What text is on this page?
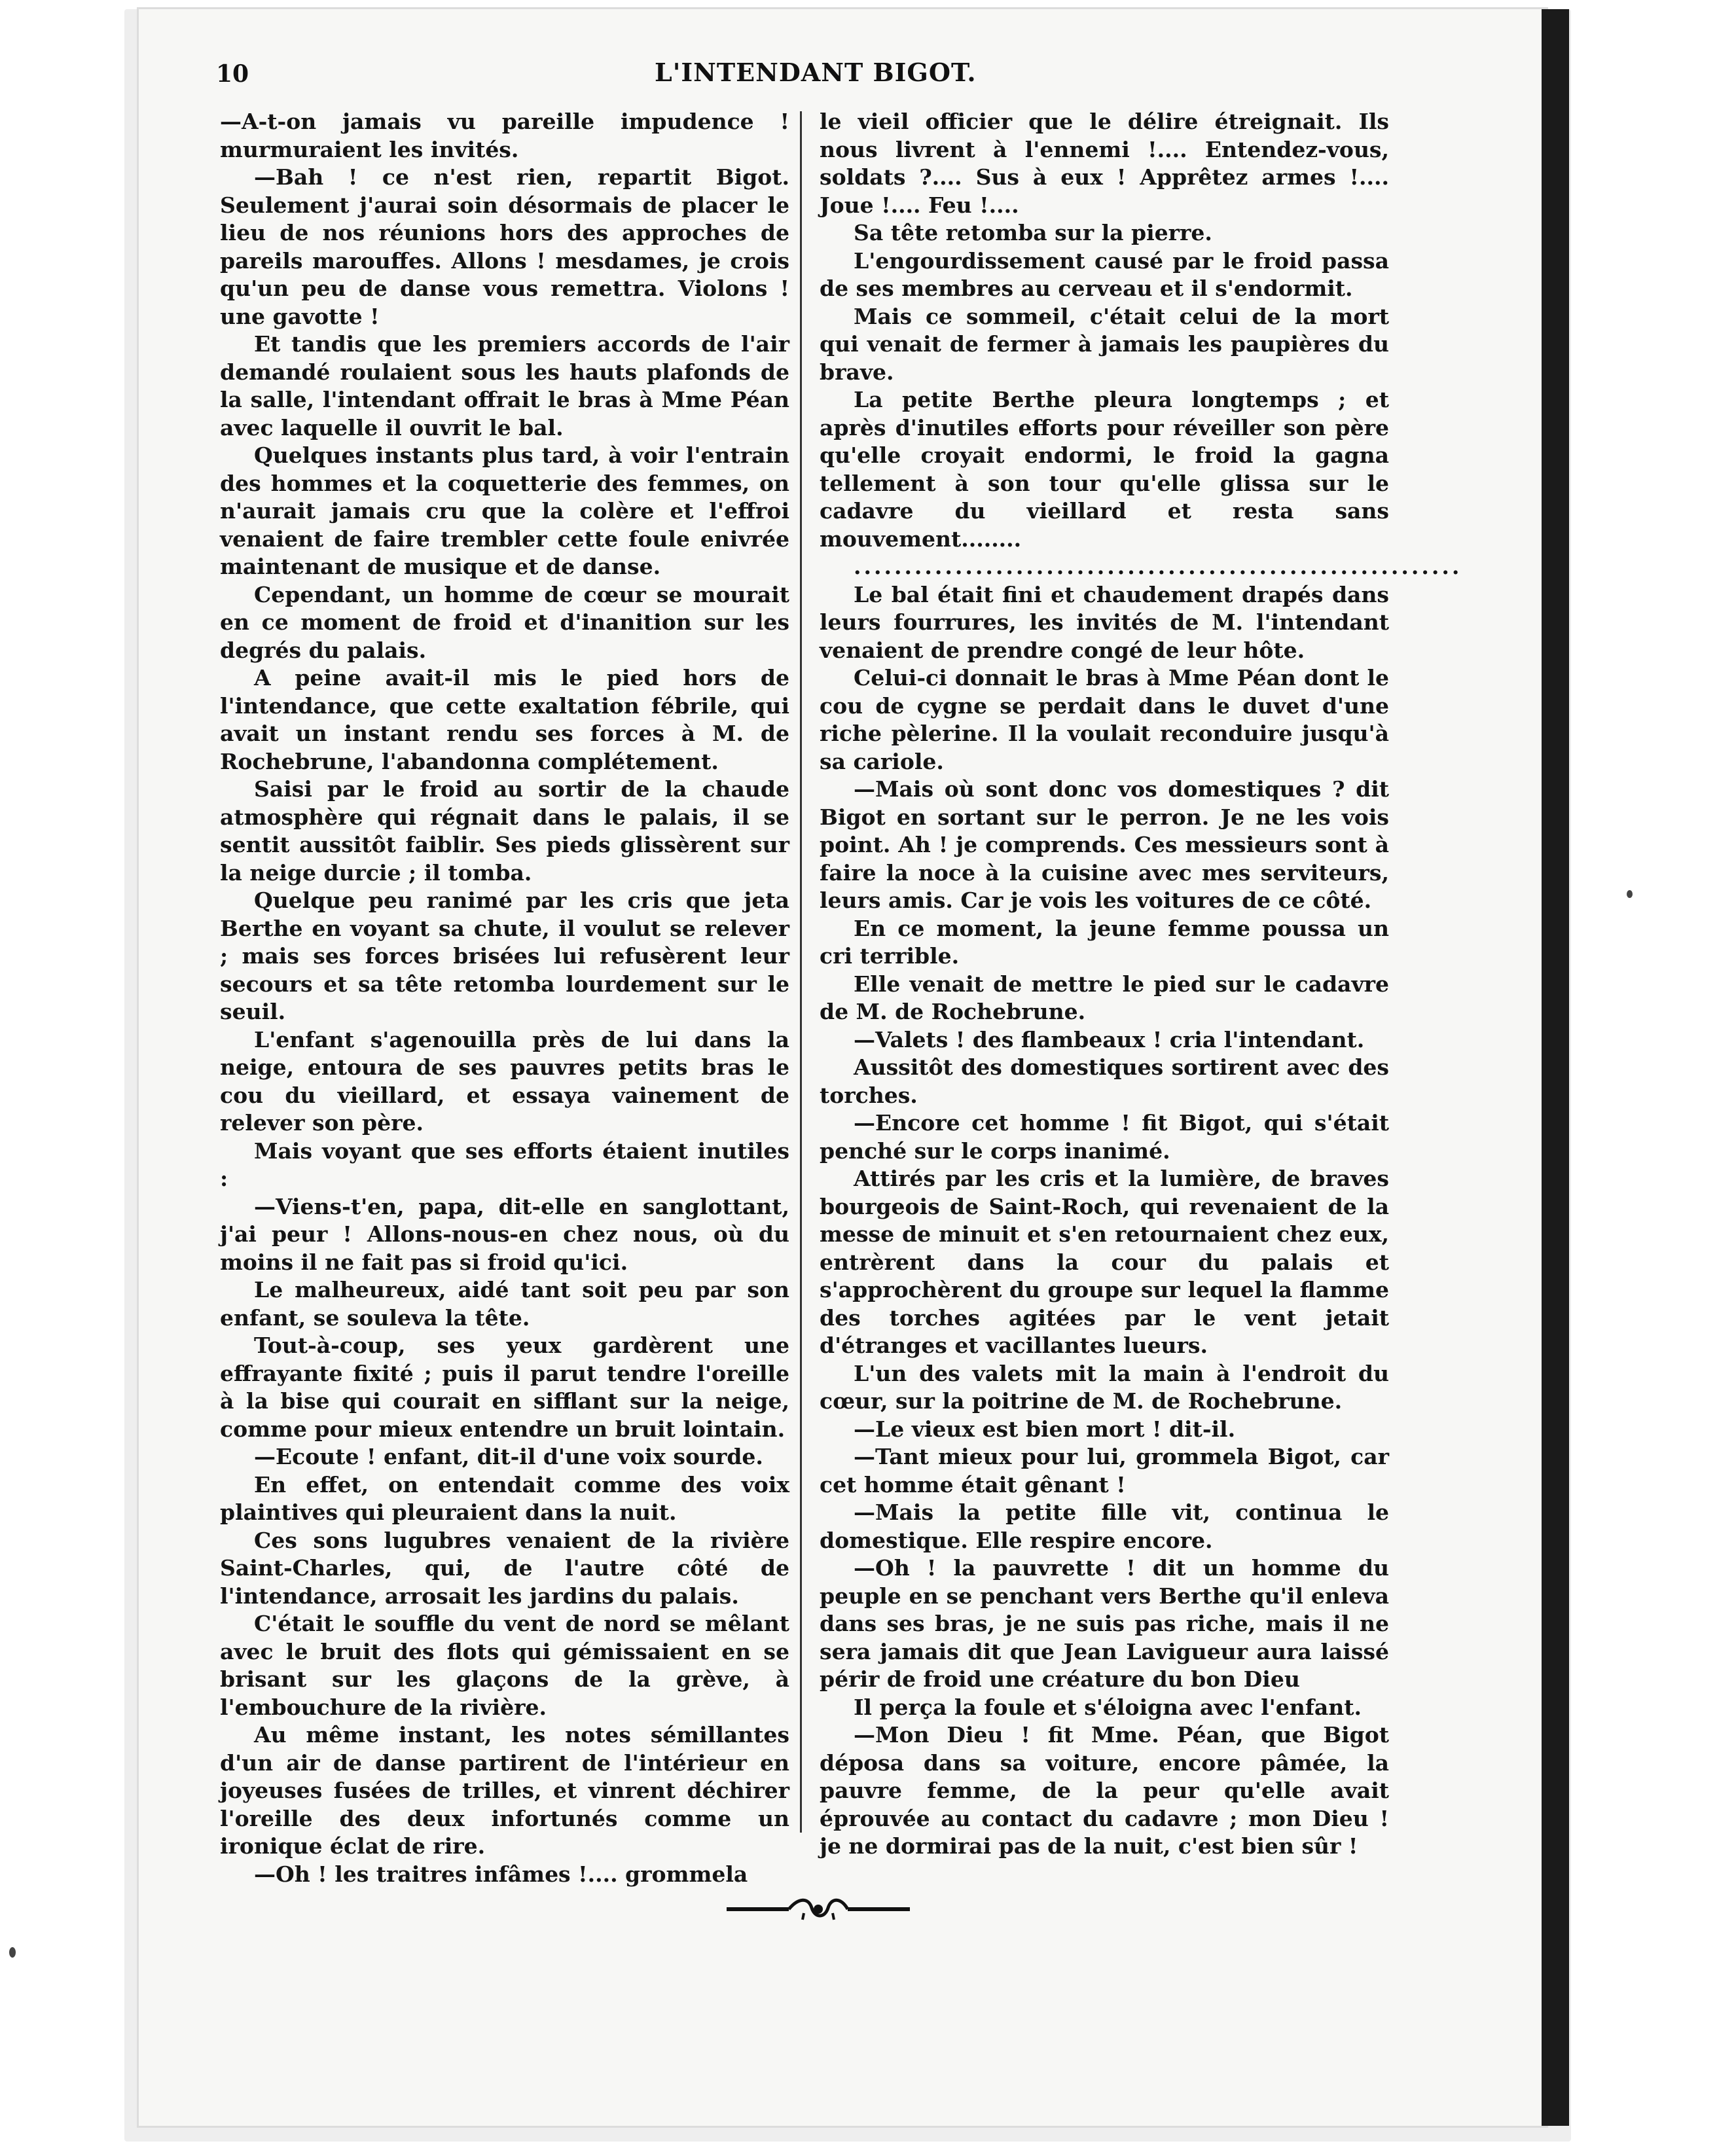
10	L'INTENDANT BIGOT.

—A-t-on jamais vu pareille impudence ! murmuraient les invités.

—Bah ! ce n'est rien, repartit Bigot. Seulement j'aurai soin désormais de placer le lieu de nos réunions hors des approches de pareils marouffes. Allons ! mesdames, je crois qu'un peu de danse vous remettra. Violons ! une gavotte !

Et tandis que les premiers accords de l'air demandé roulaient sous les hauts plafonds de la salle, l'intendant offrait le bras à Mme Péan avec laquelle il ouvrit le bal.

Quelques instants plus tard, à voir l'entrain des hommes et la coquetterie des femmes, on n'aurait jamais cru que la colère et l'effroi venaient de faire trembler cette foule enivrée maintenant de musique et de danse.

Cependant, un homme de cœur se mourait en ce moment de froid et d'inanition sur les degrés du palais.

A peine avait-il mis le pied hors de l'intendance, que cette exaltation fébrile, qui avait un instant rendu ses forces à M. de Rochebrune, l'abandonna complétement.

Saisi par le froid au sortir de la chaude atmosphère qui régnait dans le palais, il se sentit aussitôt faiblir. Ses pieds glissèrent sur la neige durcie ; il tomba.

Quelque peu ranimé par les cris que jeta Berthe en voyant sa chute, il voulut se relever ; mais ses forces brisées lui refusèrent leur secours et sa tête retomba lourdement sur le seuil.

L'enfant s'agenouilla près de lui dans la neige, entoura de ses pauvres petits bras le cou du vieillard, et essaya vainement de relever son père.

Mais voyant que ses efforts étaient inutiles :

—Viens-t'en, papa, dit-elle en sanglottant, j'ai peur ! Allons-nous-en chez nous, où du moins il ne fait pas si froid qu'ici.

Le malheureux, aidé tant soit peu par son enfant, se souleva la tête.

Tout-à-coup, ses yeux gardèrent une effrayante fixité ; puis il parut tendre l'oreille à la bise qui courait en sifflant sur la neige, comme pour mieux entendre un bruit lointain.

—Ecoute ! enfant, dit-il d'une voix sourde.

En effet, on entendait comme des voix plaintives qui pleuraient dans la nuit.

Ces sons lugubres venaient de la rivière Saint-Charles, qui, de l'autre côté de l'intendance, arrosait les jardins du palais.

C'était le souffle du vent de nord se mêlant avec le bruit des flots qui gémissaient en se brisant sur les glaçons de la grève, à l'embouchure de la rivière.

Au même instant, les notes sémillantes d'un air de danse partirent de l'intérieur en joyeuses fusées de trilles, et vinrent déchirer l'oreille des deux infortunés comme un ironique éclat de rire.

—Oh ! les traitres infâmes !.... grommela

le vieil officier que le délire étreignait. Ils nous livrent à l'ennemi !.... Entendez-vous, soldats ?.... Sus à eux ! Apprêtez armes !.... Joue !.... Feu !....

Sa tête retomba sur la pierre.

L'engourdissement causé par le froid passa de ses membres au cerveau et il s'endormit.

Mais ce sommeil, c'était celui de la mort qui venait de fermer à jamais les paupières du brave.

La petite Berthe pleura longtemps ; et après d'inutiles efforts pour réveiller son père qu'elle croyait endormi, le froid la gagna tellement à son tour qu'elle glissa sur le cadavre du vieillard et resta sans mouvement........

............................................................

Le bal était fini et chaudement drapés dans leurs fourrures, les invités de M. l'intendant venaient de prendre congé de leur hôte.

Celui-ci donnait le bras à Mme Péan dont le cou de cygne se perdait dans le duvet d'une riche pèlerine. Il la voulait reconduire jusqu'à sa cariole.

—Mais où sont donc vos domestiques ? dit Bigot en sortant sur le perron. Je ne les vois point. Ah ! je comprends. Ces messieurs sont à faire la noce à la cuisine avec mes serviteurs, leurs amis. Car je vois les voitures de ce côté.

En ce moment, la jeune femme poussa un cri terrible.

Elle venait de mettre le pied sur le cadavre de M. de Rochebrune.

—Valets ! des flambeaux ! cria l'intendant.

Aussitôt des domestiques sortirent avec des torches.

—Encore cet homme ! fit Bigot, qui s'était penché sur le corps inanimé.

Attirés par les cris et la lumière, de braves bourgeois de Saint-Roch, qui revenaient de la messe de minuit et s'en retournaient chez eux, entrèrent dans la cour du palais et s'approchèrent du groupe sur lequel la flamme des torches agitées par le vent jetait d'étranges et vacillantes lueurs.

L'un des valets mit la main à l'endroit du cœur, sur la poitrine de M. de Rochebrune.

—Le vieux est bien mort ! dit-il.

—Tant mieux pour lui, grommela Bigot, car cet homme était gênant !

—Mais la petite fille vit, continua le domestique. Elle respire encore.

—Oh ! la pauvrette ! dit un homme du peuple en se penchant vers Berthe qu'il enleva dans ses bras, je ne suis pas riche, mais il ne sera jamais dit que Jean Lavigueur aura laissé périr de froid une créature du bon Dieu

Il perça la foule et s'éloigna avec l'enfant.

—Mon Dieu ! fit Mme. Péan, que Bigot déposa dans sa voiture, encore pâmée, la pauvre femme, de la peur qu'elle avait éprouvée au contact du cadavre ; mon Dieu ! je ne dormirai pas de la nuit, c'est bien sûr !
